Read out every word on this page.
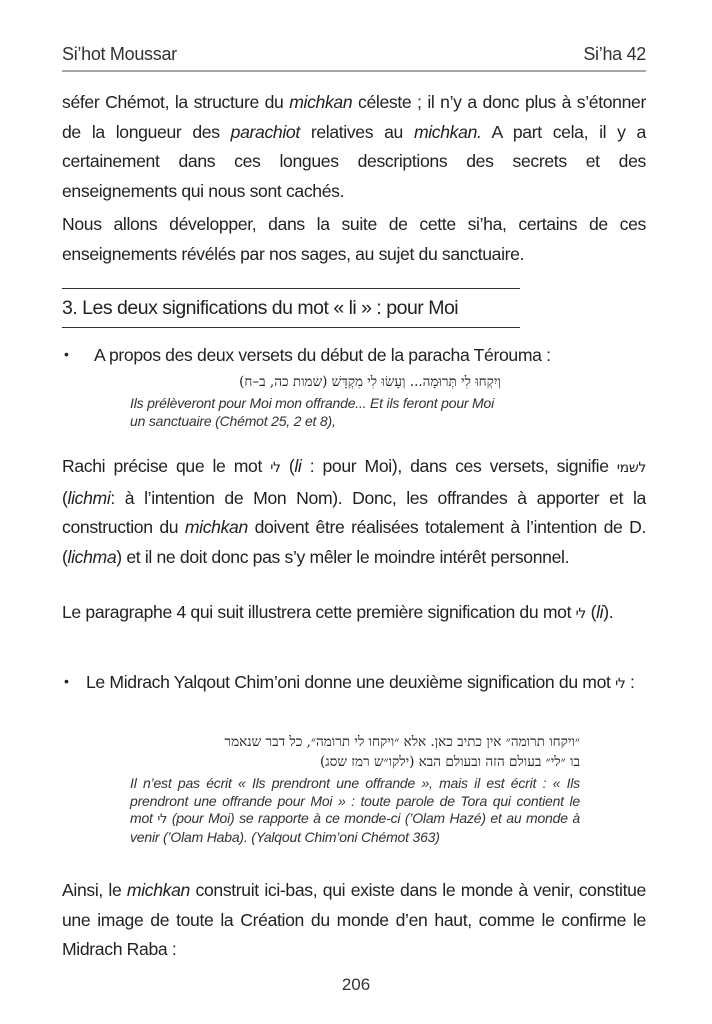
Si’hot Moussar	Si’ha 42

séfer Chémot, la structure du michkan céleste ; il n’y a donc plus à s’étonner de la longueur des parachiot relatives au michkan. A part cela, il y a certainement dans ces longues descriptions des secrets et des enseignements qui nous sont cachés.

Nous allons développer, dans la suite de cette si’ha, certains de ces enseignements révélés par nos sages, au sujet du sanctuaire.

3. Les deux significations du mot « li » : pour Moi
• A propos des deux versets du début de la paracha Térouma :
וְיִקְחוּ לִי תְּרוּמָה... וְעָשׂוּ לִי מִקְדָּשׁ (שמות כה, ב–ח)
Ils prélèveront pour Moi mon offrande... Et ils feront pour Moi
un sanctuaire (Chémot 25, 2 et 8),

Rachi précise que le mot לי (li : pour Moi), dans ces versets, signifie לשמי (lichmi: à l’intention de Mon Nom). Donc, les offrandes à apporter et la construction du michkan doivent être réalisées totalement à l’intention de D. (lichma) et il ne doit donc pas s’y mêler le moindre intérêt personnel.

Le paragraphe 4 qui suit illustrera cette première signification du mot לי (li).

• Le Midrach Yalqout Chim’oni donne une deuxième signification du mot לי :

״ויקחו תרומה״ אין כתיב כאן. אלא ״ויקחו לי תרומה״, כל דבר שנאמר
בו ״לי״ בעולם הזה ובעולם הבא (ילקו״ש רמז שסג)

Il n’est pas écrit « Ils prendront une offrande », mais il est écrit : « Ils prendront une offrande pour Moi » : toute parole de Tora qui contient le mot לי (pour Moi) se rapporte à ce monde-ci (’Olam Hazé) et au monde à venir (’Olam Haba). (Yalqout Chim’oni Chémot 363)

Ainsi, le michkan construit ici-bas, qui existe dans le monde à venir, constitue une image de toute la Création du monde d’en haut, comme le confirme le Midrach Raba :

206
